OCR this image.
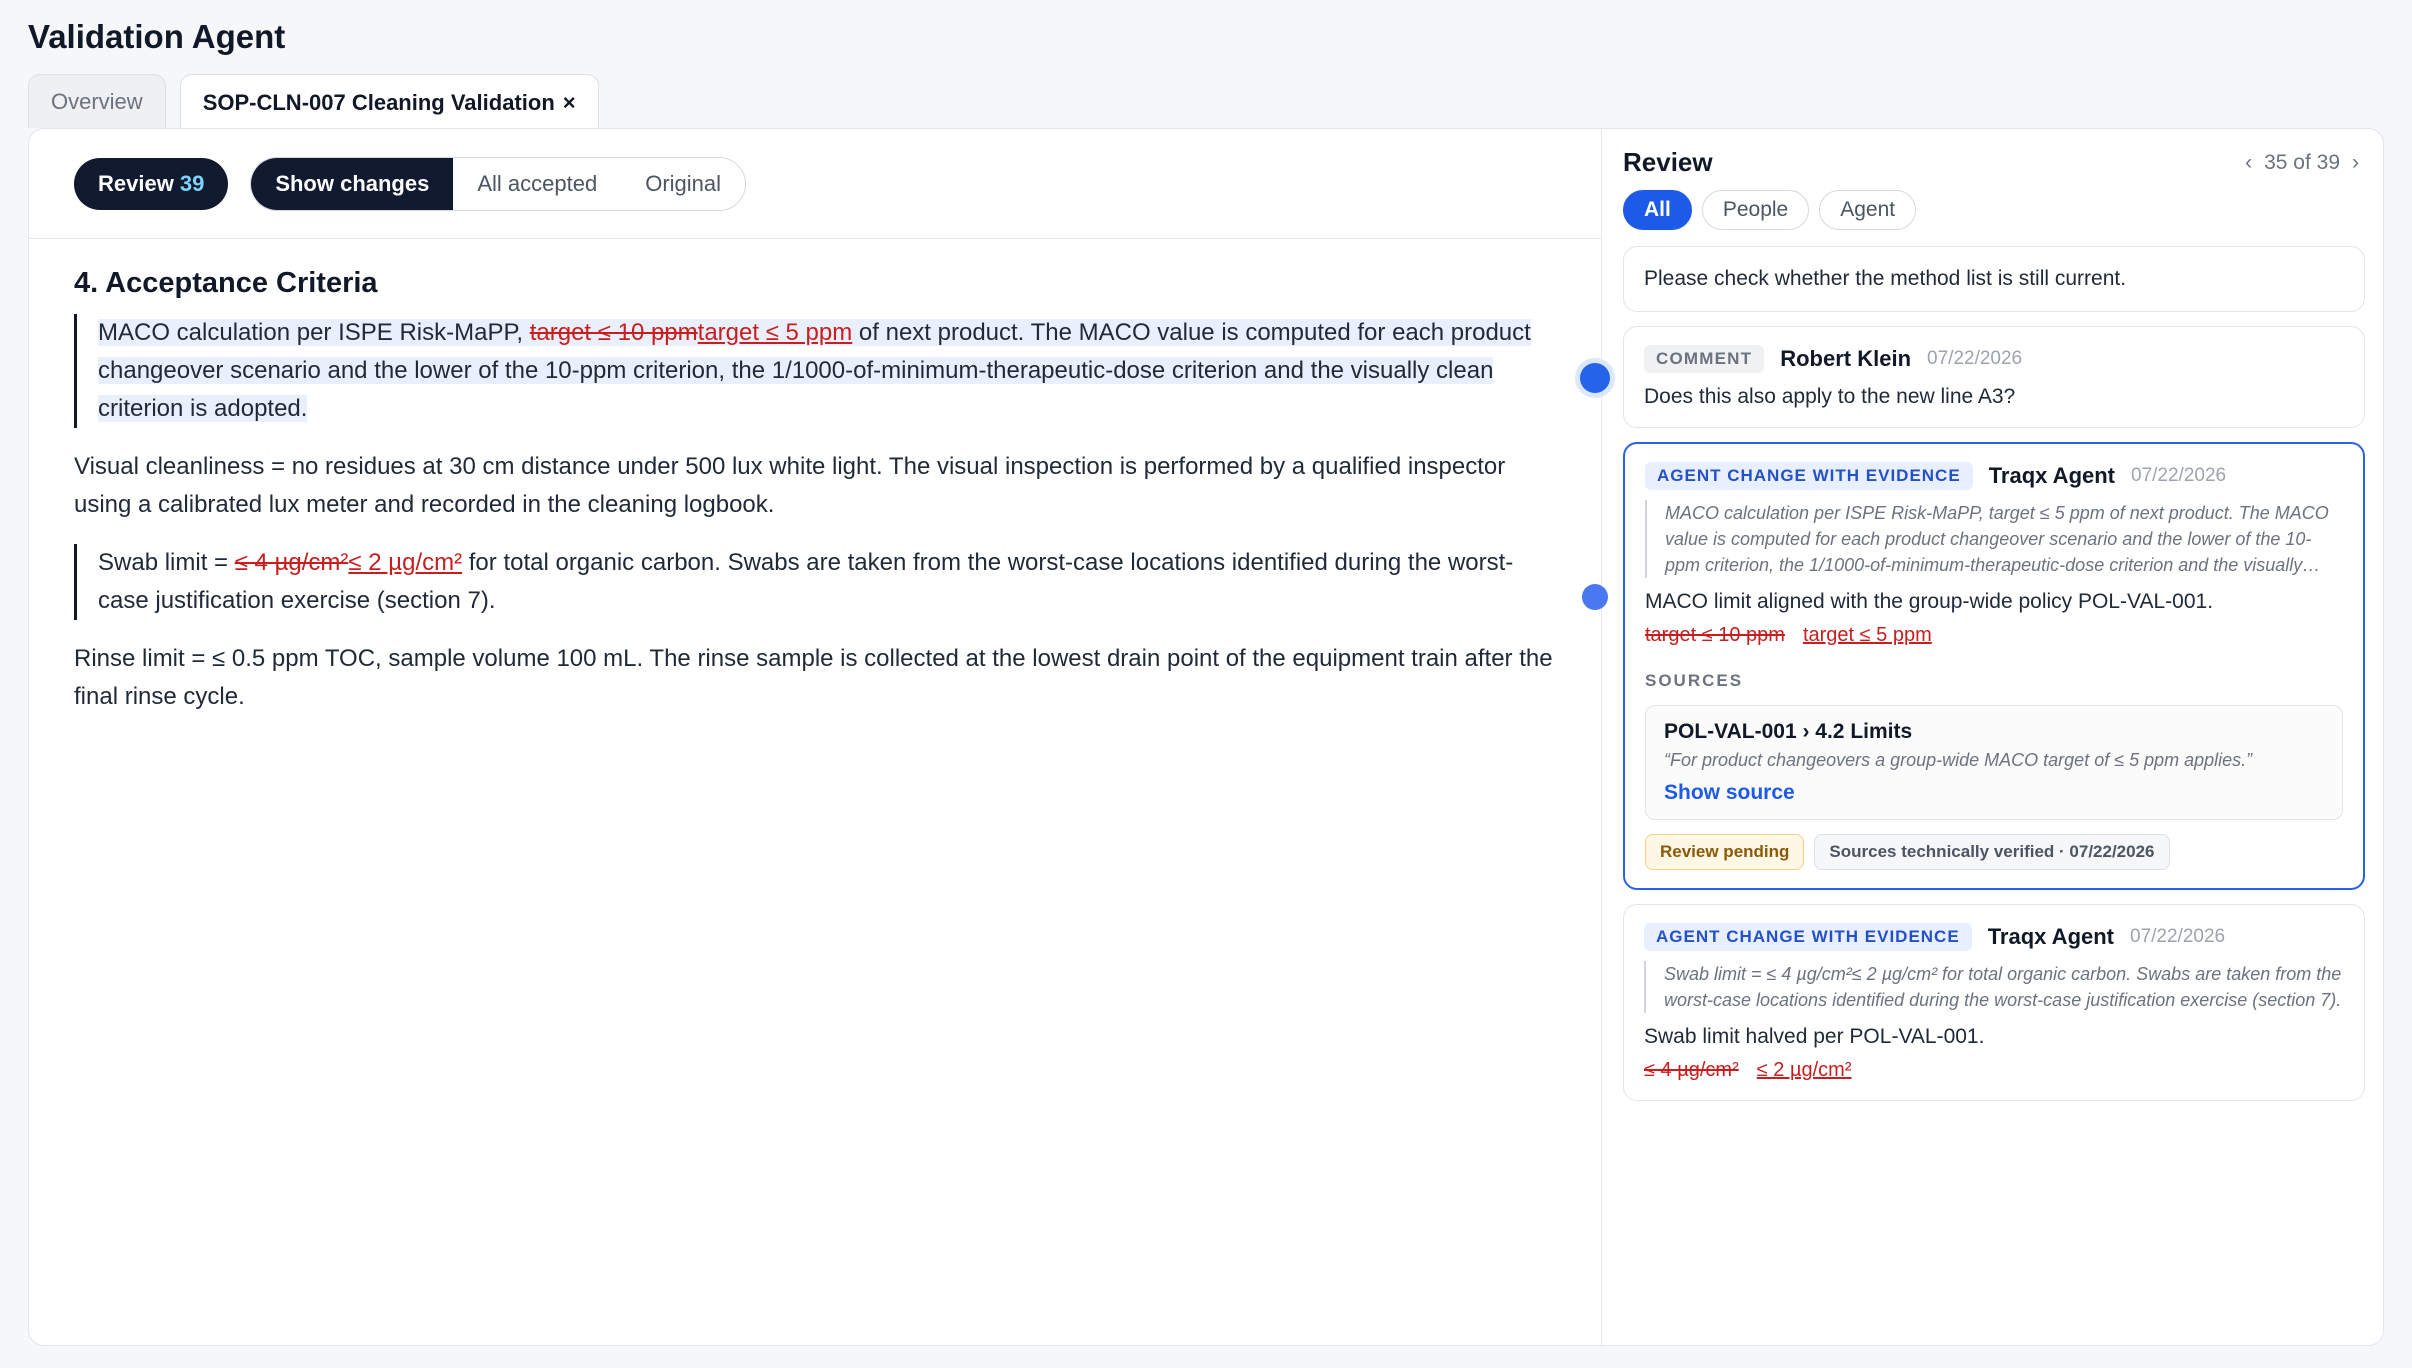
Validation Agent
Overview	SOP-CLN-007 Cleaning Validation ×
Review 39	Show changes	All accepted	Original
4. Acceptance Criteria
MACO calculation per ISPE Risk-MaPP, target ≤ 10 ppmtarget ≤ 5 ppm of next product. The MACO value is computed for each product changeover scenario and the lower of the 10-ppm criterion, the 1/1000-of-minimum-therapeutic-dose criterion and the visually clean criterion is adopted.
Visual cleanliness = no residues at 30 cm distance under 500 lux white light. The visual inspection is performed by a qualified inspector using a calibrated lux meter and recorded in the cleaning logbook.
Swab limit = ≤ 4 µg/cm²≤ 2 µg/cm² for total organic carbon. Swabs are taken from the worst-case locations identified during the worst-case justification exercise (section 7).
Rinse limit = ≤ 0.5 ppm TOC, sample volume 100 mL. The rinse sample is collected at the lowest drain point of the equipment train after the final rinse cycle.
Review	‹ 35 of 39 ›
All	People	Agent
Please check whether the method list is still current.
COMMENT	Robert Klein 07/22/2026
Does this also apply to the new line A3?
AGENT CHANGE WITH EVIDENCE	Traqx Agent 07/22/2026
MACO calculation per ISPE Risk-MaPP, target ≤ 5 ppm of next product. The MACO value is computed for each product changeover scenario and the lower of the 10-ppm criterion, the 1/1000-of-minimum-therapeutic-dose criterion and the visually
MACO limit aligned with the group-wide policy POL-VAL-001.
target ≤ 10 ppm target ≤ 5 ppm
SOURCES
POL-VAL-001 › 4.2 Limits
“For product changeovers a group-wide MACO target of ≤ 5 ppm applies.”
Show source
Review pending	Sources technically verified · 07/22/2026
AGENT CHANGE WITH EVIDENCE	Traqx Agent 07/22/2026
Swab limit = ≤ 4 µg/cm²≤ 2 µg/cm² for total organic carbon. Swabs are taken from the worst-case locations identified during the worst-case justification exercise (section 7).
Swab limit halved per POL-VAL-001.
≤ 4 µg/cm² ≤ 2 µg/cm²
